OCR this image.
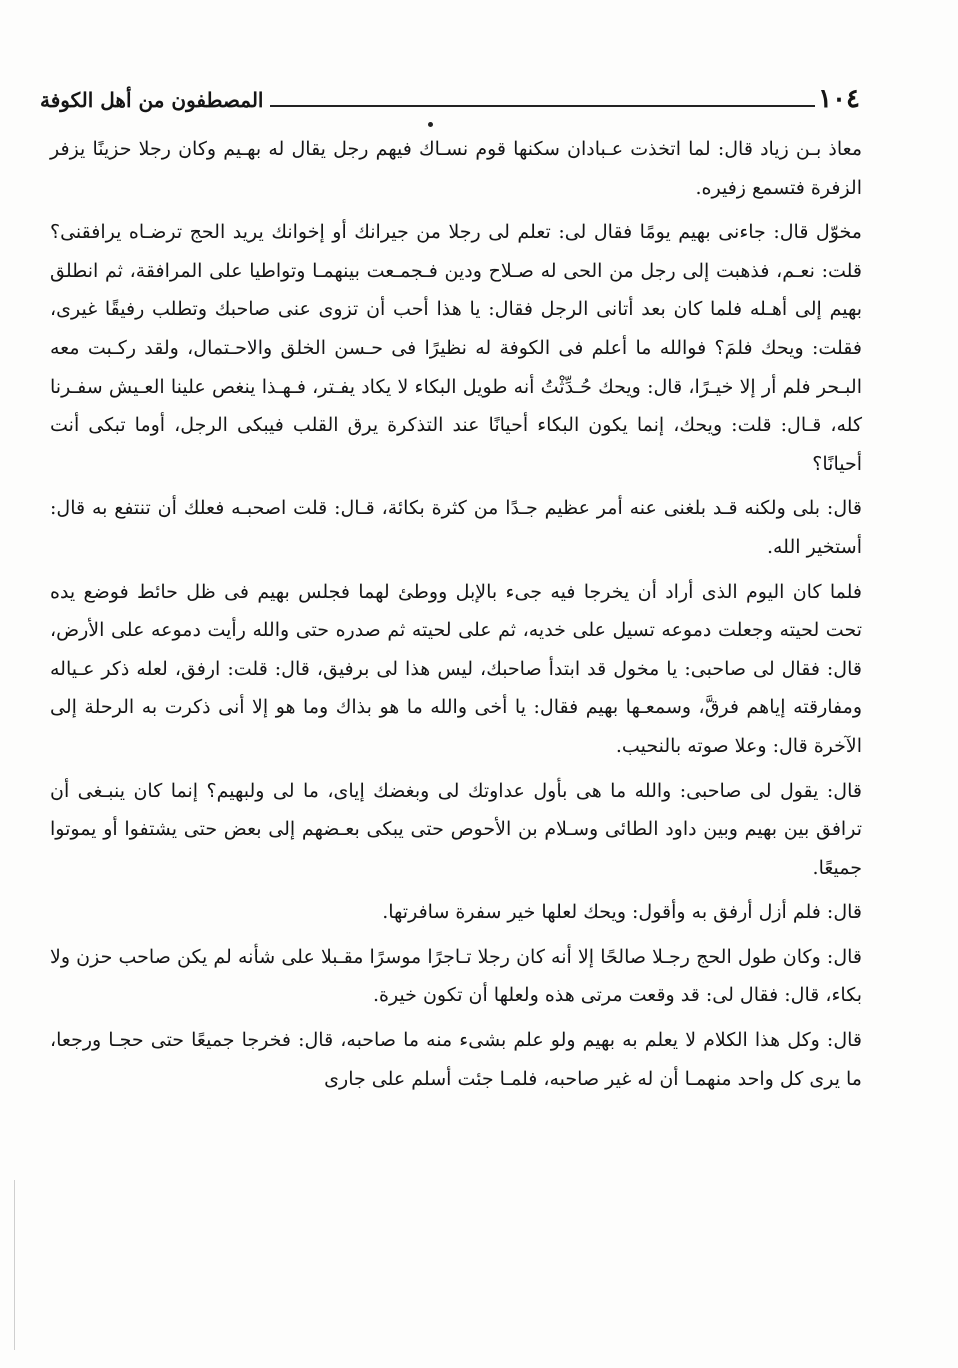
١٠٤
المصطفون من أهل الكوفة

معاذ بـن زياد قال: لما اتخذت عـبادان سكنها قوم نسـاك فيهم رجل يقال له بهـيم وكان رجلا حزينًا يزفر الزفرة فتسمع زفيره.

مخوّل قال: جاءنى بهيم يومًا فقال لى: تعلم لى رجلا من جيرانك أو إخوانك يريد الحج ترضـاه يرافقنى؟ قلت: نعـم، فذهبت إلى رجل من الحى له صـلاح ودين فـجمـعت بينهمـا وتواطيا على المرافقة، ثم انطلق بهيم إلى أهـله فلما كان بعد أتانى الرجل فقال: يا هذا أحب أن تزوى عنى صاحبك وتطلب رفيقًا غيرى، فقلت: ويحك فلمَ؟ فوالله ما أعلم فى الكوفة له نظيرًا فى حـسن الخلق والاحـتمال، ولقد ركـبت معه البـحر فلم أر إلا خيـرًا، قال: ويحك حُـدِّثْتُ أنه طويل البكاء لا يكاد يفـتر، فـهـذا ينغص علينا العـيش سفـرنا كله، قـال: قلت: ويحك، إنما يكون البكاء أحيانًا عند التذكرة يرق القلب فيبكى الرجل، أوما تبكى أنت أحيانًا؟

قال: بلى ولكنه قـد بلغنى عنه أمر عظيم جـدًا من كثرة بكائة، قـال: قلت اصحبـه فعلك أن تنتفع به قال: أستخير الله.

فلما كان اليوم الذى أراد أن يخرجا فيه جىء بالإبل ووطئ لهما فجلس بهيم فى ظل حائط فوضع يده تحت لحيته وجعلت دموعه تسيل على خديه، ثم على لحيته ثم صدره حتى والله رأيت دموعه على الأرض، قال: فقال لى صاحبى: يا مخول قد ابتدأ صاحبك، ليس هذا لى برفيق، قال: قلت: ارفق، لعله ذكر عـياله ومفارقته إياهم فرقَّ، وسمعـها بهيم فقال: يا أخى والله ما هو بذاك وما هو إلا أنى ذكرت به الرحلة إلى الآخرة قال: وعلا صوته بالنحيب.

قال: يقول لى صاحبى: والله ما هى بأول عداوتك لى وبغضك إياى، ما لى ولبهيم؟ إنما كان ينبـغى أن ترافق بين بهيم وبين داود الطائى وسـلام بن الأحوص حتى يبكى بعـضهم إلى بعض حتى يشتفوا أو يموتوا جميعًا.

قال: فلم أزل أرفق به وأقول: ويحك لعلها خير سفرة سافرتها.

قال: وكان طول الحج رجـلا صالحًا إلا أنه كان رجلا تـاجرًا موسرًا مقـبلا على شأنه لم يكن صاحب حزن ولا بكاء، قال: فقال لى: قد وقعت مرتى هذه ولعلها أن تكون خيرة.

قال: وكل هذا الكلام لا يعلم به بهيم ولو علم بشىء منه ما صاحبه، قال: فخرجا جميعًا حتى حجـا ورجعا، ما يرى كل واحد منهمـا أن له غير صاحبه، فلمـا جئت أسلم على جارى
